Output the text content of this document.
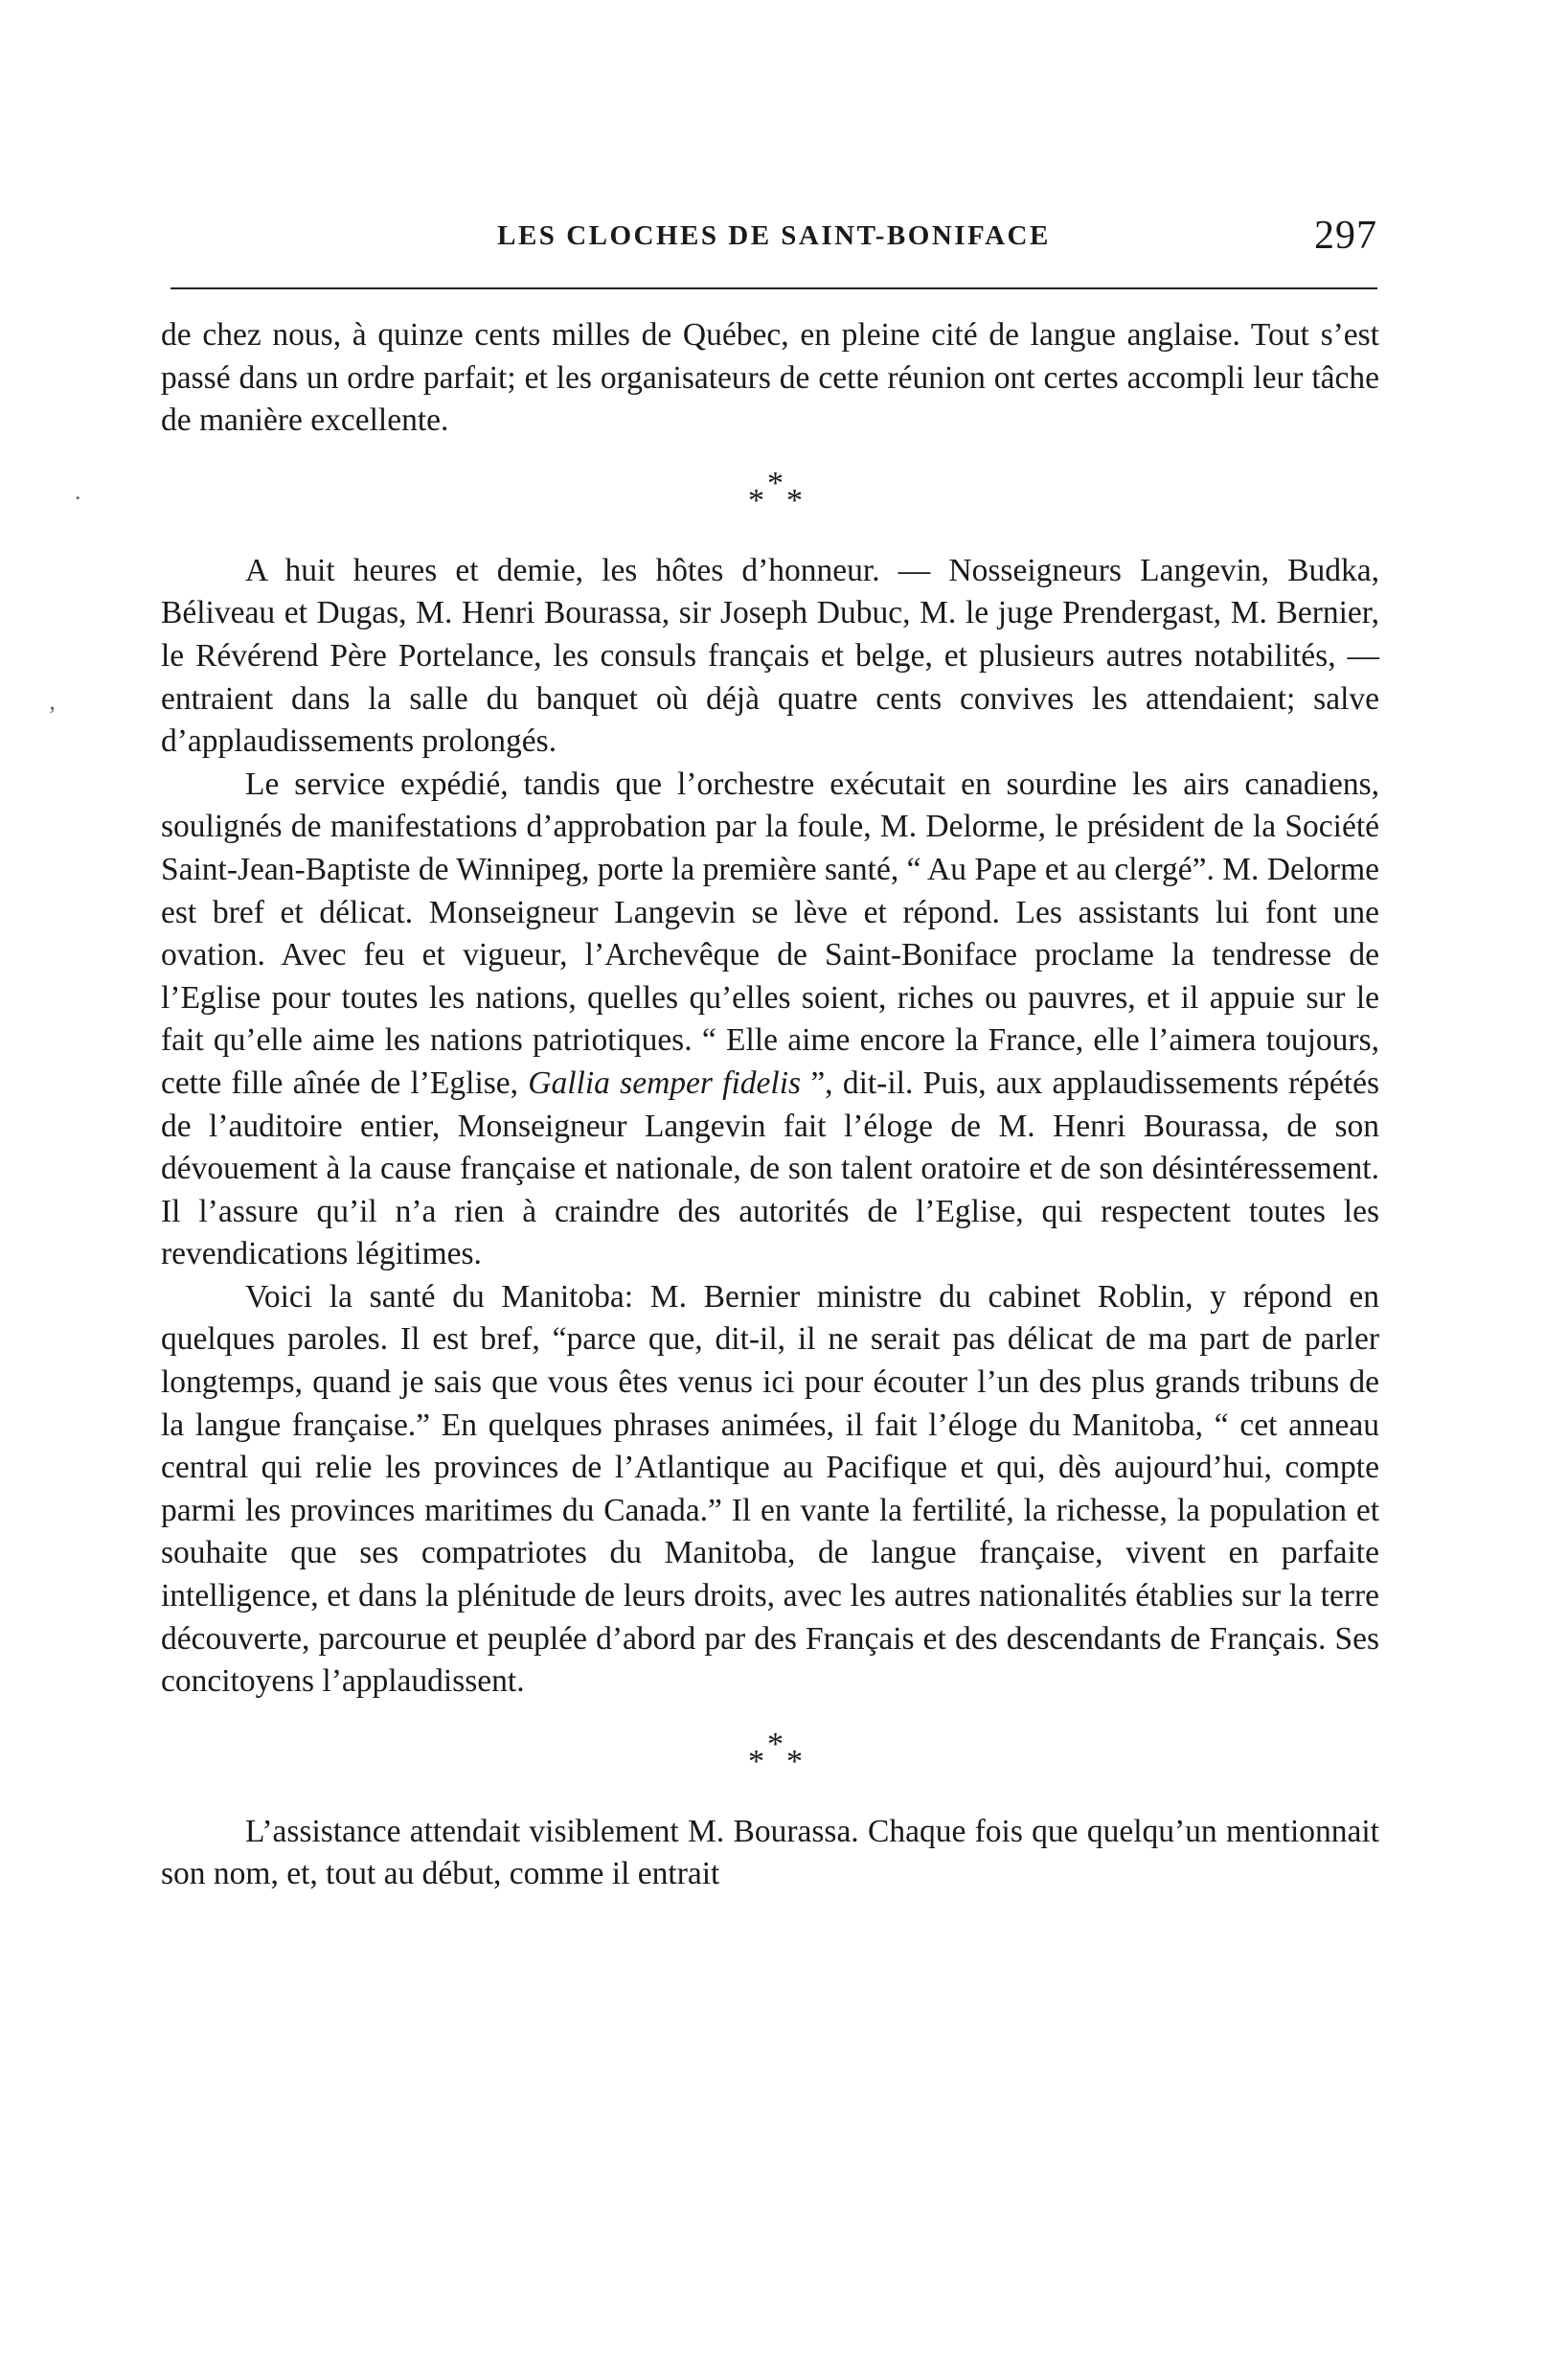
LES CLOCHES DE SAINT-BONIFACE	297
.
’

de chez nous, à quinze cents milles de Québec, en pleine cité de langue anglaise. Tout s’est passé dans un ordre parfait; et les organisateurs de cette réunion ont certes accompli leur tâche de manière excellente.

*
* *

A huit heures et demie, les hôtes d’honneur. — Nosseigneurs Langevin, Budka, Béliveau et Dugas, M. Henri Bourassa, sir Joseph Dubuc, M. le juge Prendergast, M. Bernier, le Révérend Père Portelance, les consuls français et belge, et plusieurs autres notabilités, — entraient dans la salle du banquet où déjà quatre cents convives les attendaient; salve d’applaudissements prolongés.

Le service expédié, tandis que l’orchestre exécutait en sourdine les airs canadiens, soulignés de manifestations d’approbation par la foule, M. Delorme, le président de la Société Saint-Jean-Baptiste de Winnipeg, porte la première santé, “ Au Pape et au clergé”. M. Delorme est bref et délicat. Monseigneur Langevin se lève et répond. Les assistants lui font une ovation. Avec feu et vigueur, l’Archevêque de Saint-Boniface proclame la tendresse de l’Eglise pour toutes les nations, quelles qu’elles soient, riches ou pauvres, et il appuie sur le fait qu’elle aime les nations patriotiques. “ Elle aime encore la France, elle l’aimera toujours, cette fille aînée de l’Eglise, Gallia semper fidelis ”, dit-il. Puis, aux applaudissements répétés de l’auditoire entier, Monseigneur Langevin fait l’éloge de M. Henri Bourassa, de son dévouement à la cause française et nationale, de son talent oratoire et de son désintéressement. Il l’assure qu’il n’a rien à craindre des autorités de l’Eglise, qui respectent toutes les revendications légitimes.

Voici la santé du Manitoba: M. Bernier ministre du cabinet Roblin, y répond en quelques paroles. Il est bref, “parce que, dit-il, il ne serait pas délicat de ma part de parler longtemps, quand je sais que vous êtes venus ici pour écouter l’un des plus grands tribuns de la langue française.” En quelques phrases animées, il fait l’éloge du Manitoba, “ cet anneau central qui relie les provinces de l’Atlantique au Pacifique et qui, dès aujourd’hui, compte parmi les provinces maritimes du Canada.” Il en vante la fertilité, la richesse, la population et souhaite que ses compatriotes du Manitoba, de langue française, vivent en parfaite intelligence, et dans la plénitude de leurs droits, avec les autres nationalités établies sur la terre découverte, parcourue et peuplée d’abord par des Français et des descendants de Français. Ses concitoyens l’applaudissent.

*
* *

L’assistance attendait visiblement M. Bourassa. Chaque fois que quelqu’un mentionnait son nom, et, tout au début, comme il entrait
